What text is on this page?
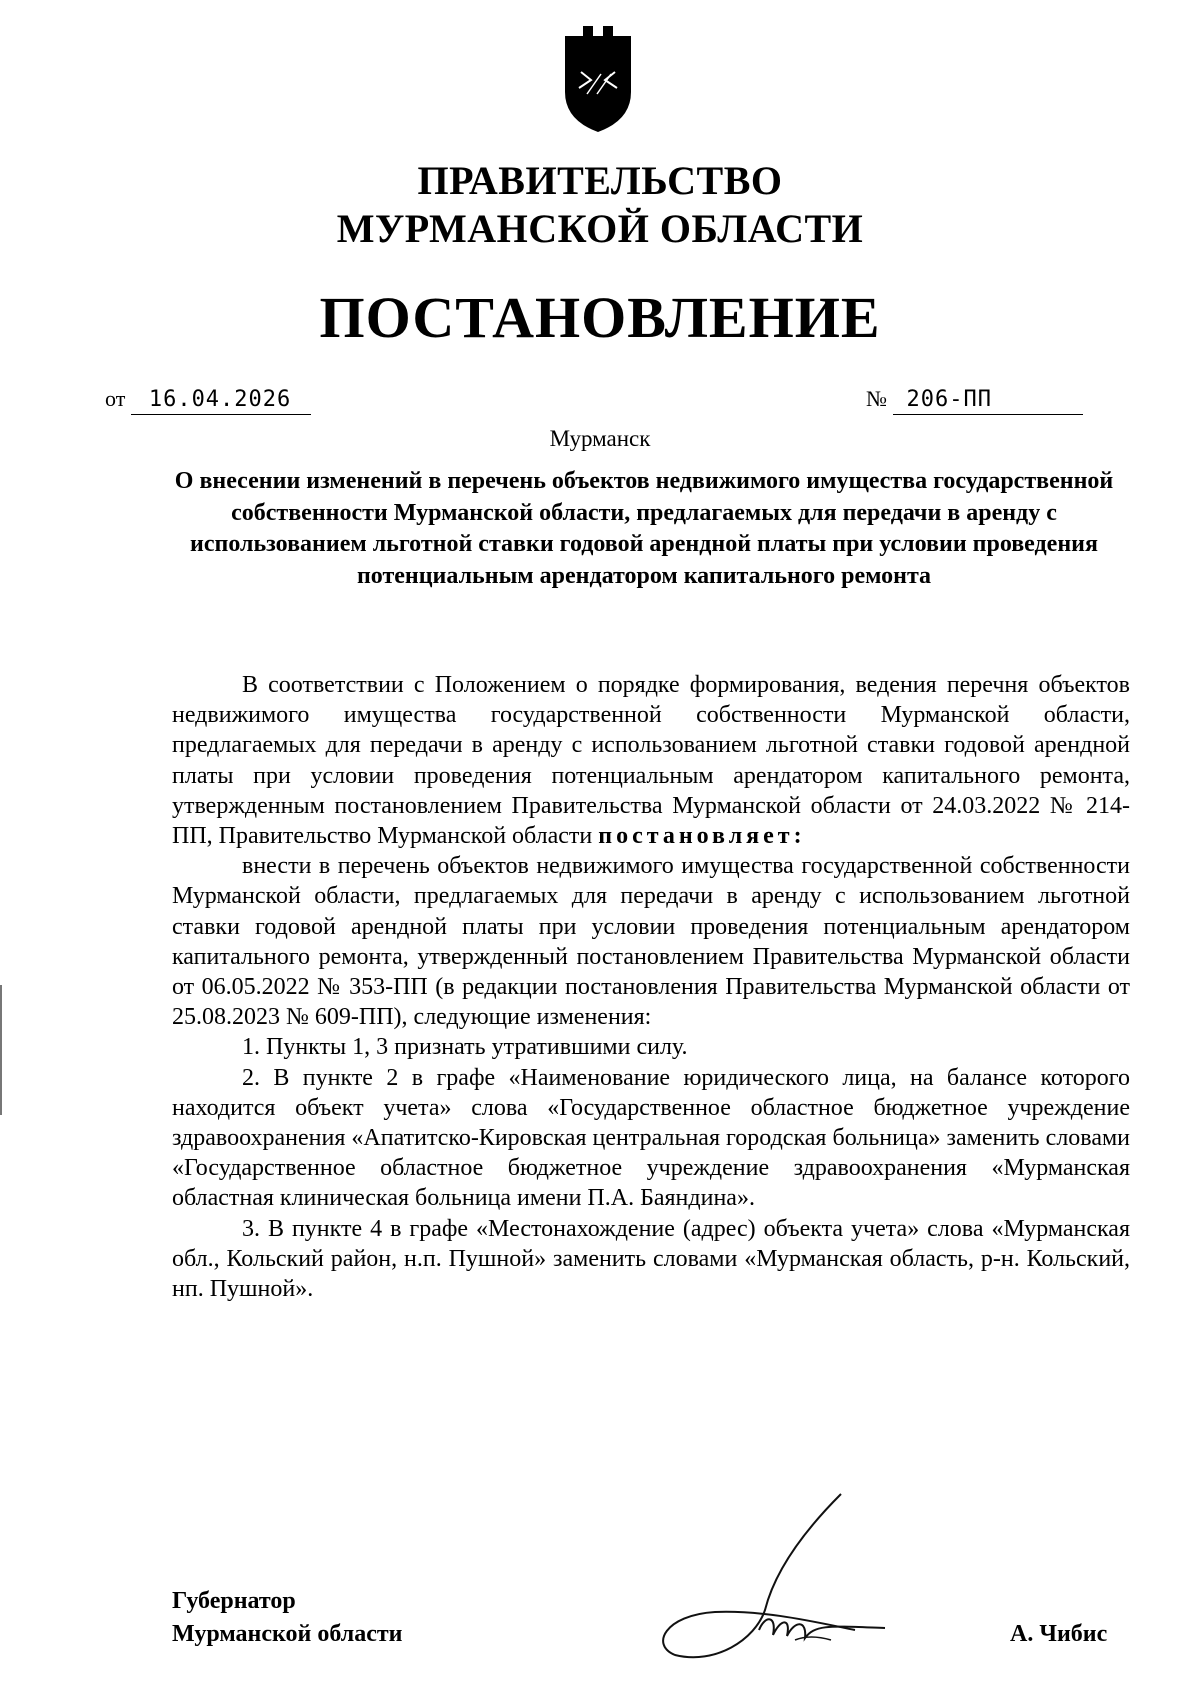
ПРАВИТЕЛЬСТВО
МУРМАНСКОЙ ОБЛАСТИ
ПОСТАНОВЛЕНИЕ
от 16.04.2026	№ 206-ПП
Мурманск
О внесении изменений в перечень объектов недвижимого имущества государственной собственности Мурманской области, предлагаемых для передачи в аренду с использованием льготной ставки годовой арендной платы при условии проведения потенциальным арендатором капитального ремонта

В соответствии с Положением о порядке формирования, ведения перечня объектов недвижимого имущества государственной собственности Мурманской области, предлагаемых для передачи в аренду с использованием льготной ставки годовой арендной платы при условии проведения потенциальным арендатором капитального ремонта, утвержденным постановлением Правительства Мурманской области от 24.03.2022 № 214-ПП, Правительство Мурманской области постановляет:

внести в перечень объектов недвижимого имущества государственной собственности Мурманской области, предлагаемых для передачи в аренду с использованием льготной ставки годовой арендной платы при условии проведения потенциальным арендатором капитального ремонта, утвержденный постановлением Правительства Мурманской области от 06.05.2022 № 353-ПП (в редакции постановления Правительства Мурманской области от 25.08.2023 № 609-ПП), следующие изменения:

1. Пункты 1, 3 признать утратившими силу.

2. В пункте 2 в графе «Наименование юридического лица, на балансе которого находится объект учета» слова «Государственное областное бюджетное учреждение здравоохранения «Апатитско-Кировская центральная городская больница» заменить словами «Государственное областное бюджетное учреждение здравоохранения «Мурманская областная клиническая больница имени П.А. Баяндина».

3. В пункте 4 в графе «Местонахождение (адрес) объекта учета» слова «Мурманская обл., Кольский район, н.п. Пушной» заменить словами «Мурманская область, р-н. Кольский, нп. Пушной».

Губернатор
Мурманской области	А. Чибис
